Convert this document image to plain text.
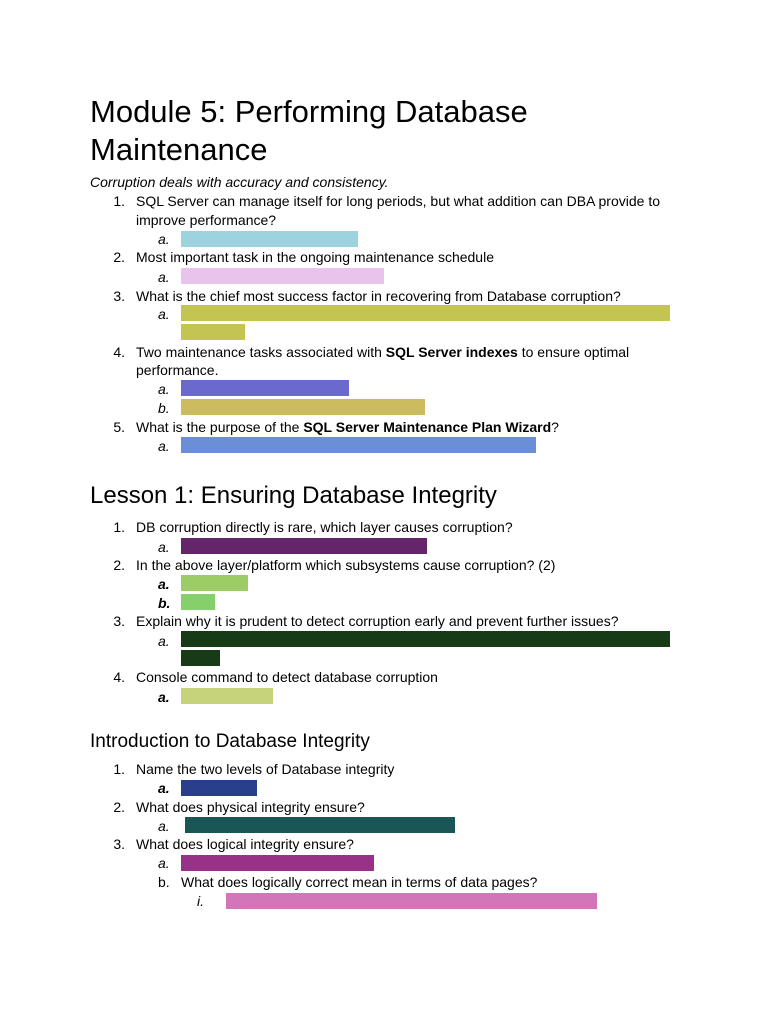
Module 5: Performing Database
Maintenance
Corruption deals with accuracy and consistency.
1. SQL Server can manage itself for long periods, but what addition can DBA provide to
improve performance?
a.
2. Most important task in the ongoing maintenance schedule
a.
3. What is the chief most success factor in recovering from Database corruption?
a.
4. Two maintenance tasks associated with SQL Server indexes to ensure optimal
performance.
a.
b.
5. What is the purpose of the SQL Server Maintenance Plan Wizard?
a.
Lesson 1: Ensuring Database Integrity
1. DB corruption directly is rare, which layer causes corruption?
a.
2. In the above layer/platform which subsystems cause corruption? (2)
a.
b.
3. Explain why it is prudent to detect corruption early and prevent further issues?
a.
4. Console command to detect database corruption
a.
Introduction to Database Integrity
1. Name the two levels of Database integrity
a.
2. What does physical integrity ensure?
a.
3. What does logical integrity ensure?
a.
b. What does logically correct mean in terms of data pages?
i.
